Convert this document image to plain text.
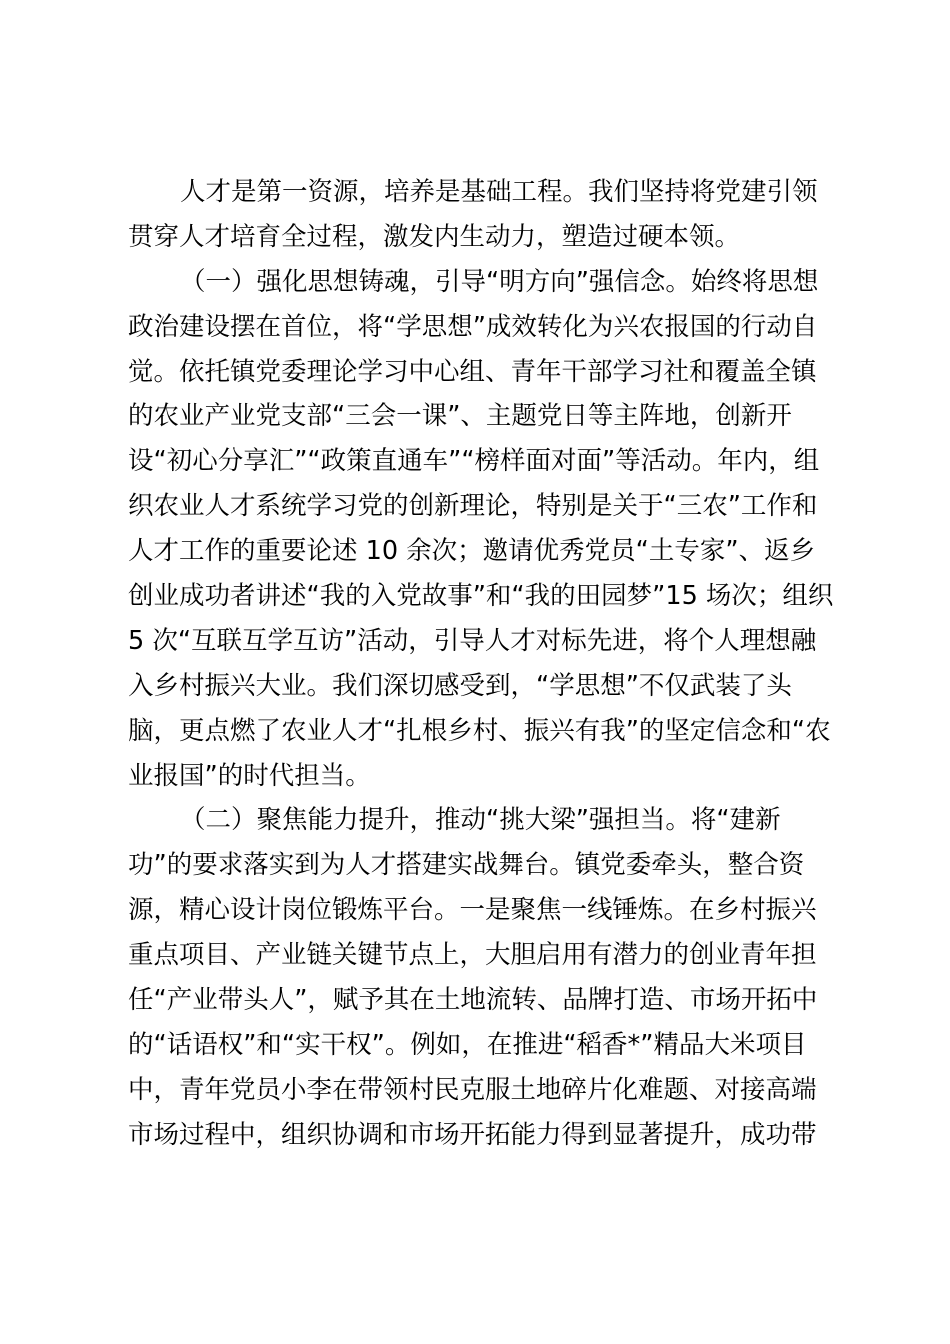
人才是第一资源，培养是基础工程。我们坚持将党建引领
贯穿人才培育全过程，激发内生动力，塑造过硬本领。
（一）强化思想铸魂，引导“明方向”强信念。始终将思想
政治建设摆在首位，将“学思想”成效转化为兴农报国的行动自
觉。依托镇党委理论学习中心组、青年干部学习社和覆盖全镇
的农业产业党支部“三会一课”、主题党日等主阵地，创新开
设“初心分享汇”“政策直通车”“榜样面对面”等活动。年内，组
织农业人才系统学习党的创新理论，特别是关于“三农”工作和
人才工作的重要论述 10 余次；邀请优秀党员“土专家”、返乡
创业成功者讲述“我的入党故事”和“我的田园梦”15 场次；组织
5 次“互联互学互访”活动，引导人才对标先进，将个人理想融
入乡村振兴大业。我们深切感受到，“学思想”不仅武装了头
脑，更点燃了农业人才“扎根乡村、振兴有我”的坚定信念和“农
业报国”的时代担当。
（二）聚焦能力提升，推动“挑大梁”强担当。将“建新
功”的要求落实到为人才搭建实战舞台。镇党委牵头，整合资
源，精心设计岗位锻炼平台。一是聚焦一线锤炼。在乡村振兴
重点项目、产业链关键节点上，大胆启用有潜力的创业青年担
任“产业带头人”，赋予其在土地流转、品牌打造、市场开拓中
的“话语权”和“实干权”。例如，在推进“稻香*”精品大米项目
中，青年党员小李在带领村民克服土地碎片化难题、对接高端
市场过程中，组织协调和市场开拓能力得到显著提升，成功带
